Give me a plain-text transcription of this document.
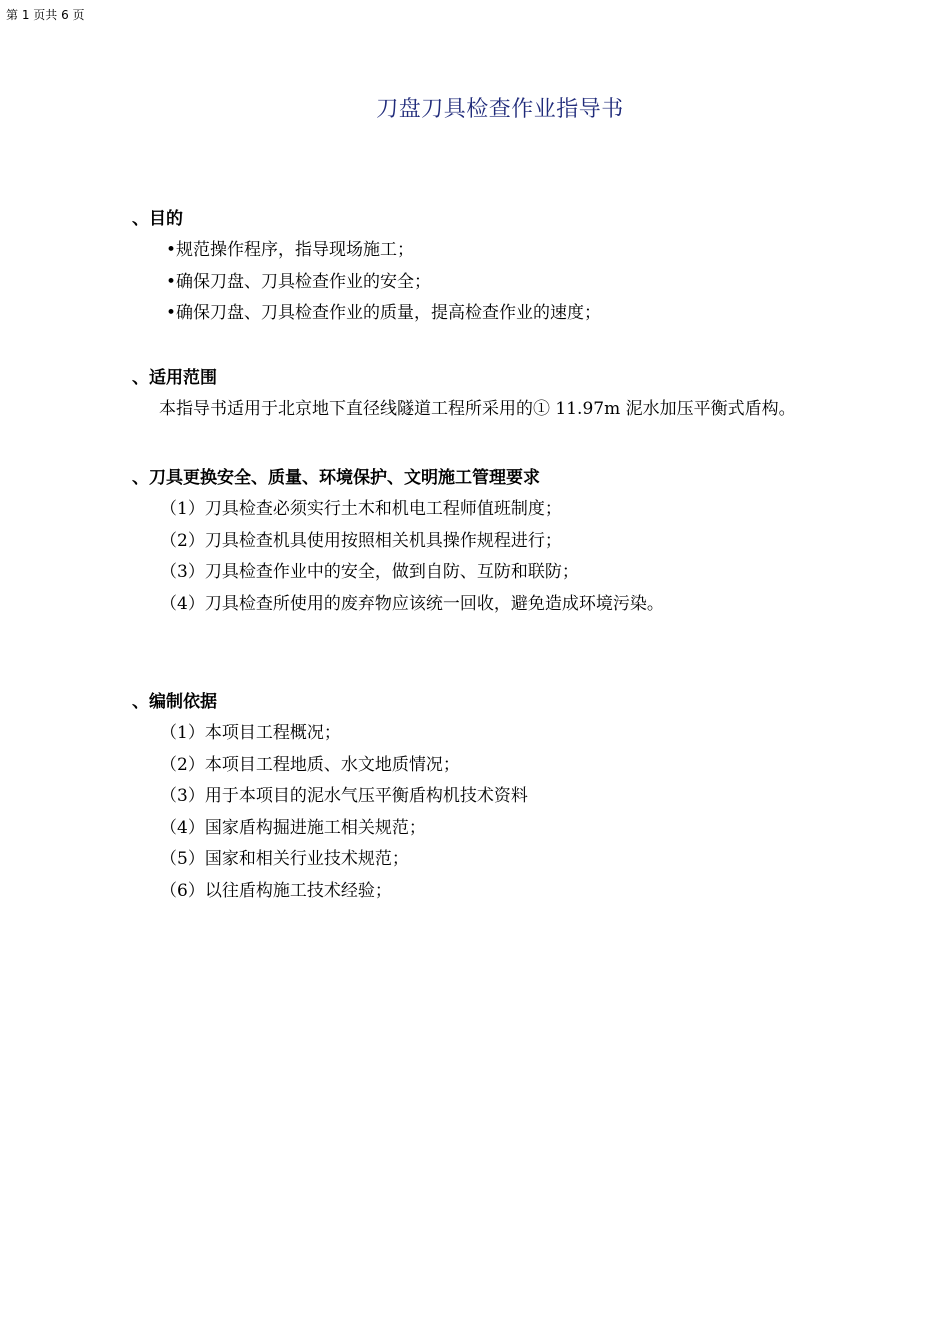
第 1 页共 6 页
刀盘刀具检查作业指导书
、目的
•规范操作程序，指导现场施工；
•确保刀盘、刀具检查作业的安全；
•确保刀盘、刀具检查作业的质量，提高检查作业的速度；
、适用范围
本指导书适用于北京地下直径线隧道工程所采用的① 11.97m 泥水加压平衡式盾构。
、刀具更换安全、质量、环境保护、文明施工管理要求
（1）刀具检查必须实行土木和机电工程师值班制度；
（2）刀具检查机具使用按照相关机具操作规程进行；
（3）刀具检查作业中的安全，做到自防、互防和联防；
（4）刀具检查所使用的废弃物应该统一回收，避免造成环境污染。
、编制依据
（1）本项目工程概况；
（2）本项目工程地质、水文地质情况；
（3）用于本项目的泥水气压平衡盾构机技术资料
（4）国家盾构掘进施工相关规范；
（5）国家和相关行业技术规范；
（6）以往盾构施工技术经验；
